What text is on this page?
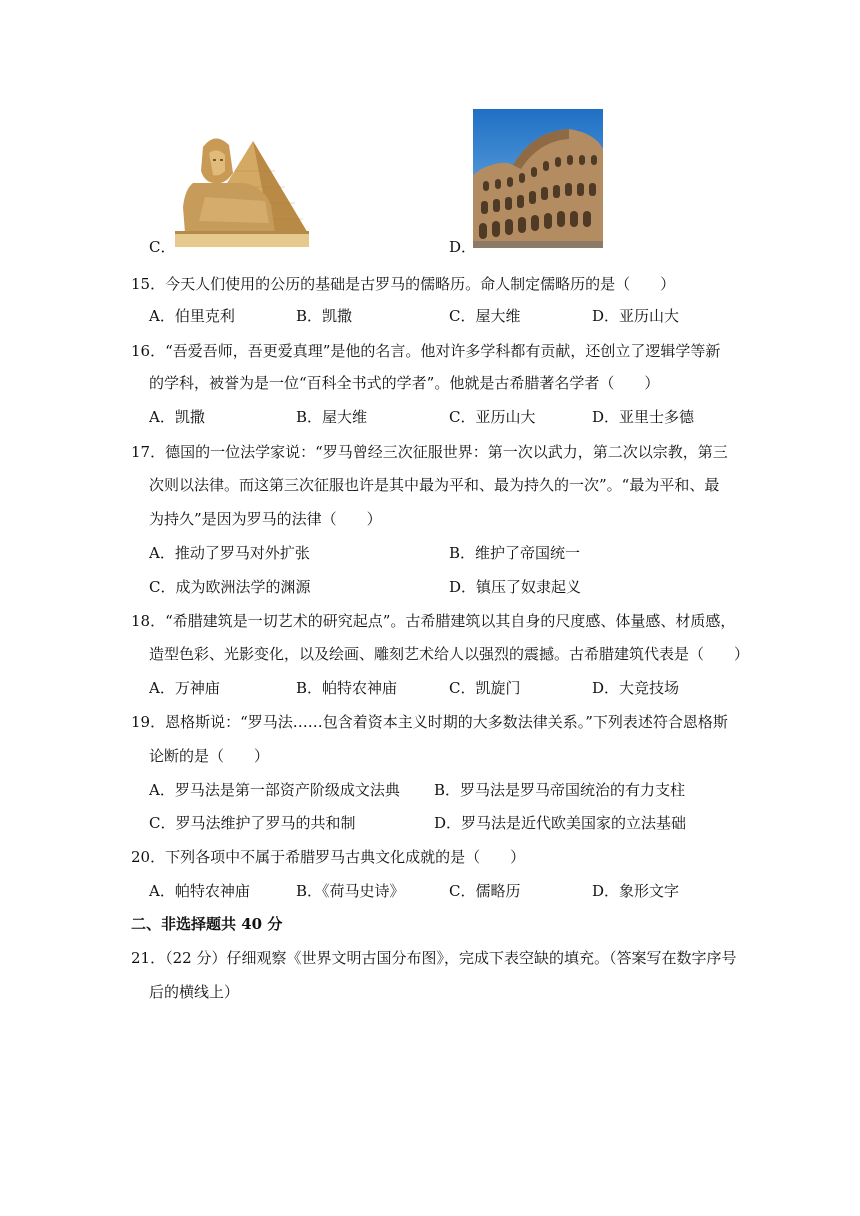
C．	D．
15．今天人们使用的公历的基础是古罗马的儒略历。命人制定儒略历的是（　　）
A．伯里克利	B．凯撒	C．屋大维	D．亚历山大
16．“吾爱吾师，吾更爱真理”是他的名言。他对许多学科都有贡献，还创立了逻辑学等新
的学科，被誉为是一位“百科全书式的学者”。他就是古希腊著名学者（　　）
A．凯撒	B．屋大维	C．亚历山大	D．亚里士多德
17．德国的一位法学家说：“罗马曾经三次征服世界：第一次以武力，第二次以宗教，第三
次则以法律。而这第三次征服也许是其中最为平和、最为持久的一次”。“最为平和、最
为持久”是因为罗马的法律（　　）
A．推动了罗马对外扩张	B．维护了帝国统一
C．成为欧洲法学的渊源	D．镇压了奴隶起义
18．“希腊建筑是一切艺术的研究起点”。古希腊建筑以其自身的尺度感、体量感、材质感，
造型色彩、光影变化，以及绘画、雕刻艺术给人以强烈的震撼。古希腊建筑代表是（　　）
A．万神庙	B．帕特农神庙	C．凯旋门	D．大竞技场
19．恩格斯说：“罗马法……包含着资本主义时期的大多数法律关系。”下列表述符合恩格斯
论断的是（　　）
A．罗马法是第一部资产阶级成文法典 B．罗马法是罗马帝国统治的有力支柱
C．罗马法维护了罗马的共和制	D．罗马法是近代欧美国家的立法基础
20．下列各项中不属于希腊罗马古典文化成就的是（　　）
A．帕特农神庙	B．《荷马史诗》	C．儒略历	D．象形文字
二、非选择题共 40 分
21．（22 分）仔细观察《世界文明古国分布图》，完成下表空缺的填充。（答案写在数字序号
后的横线上）
